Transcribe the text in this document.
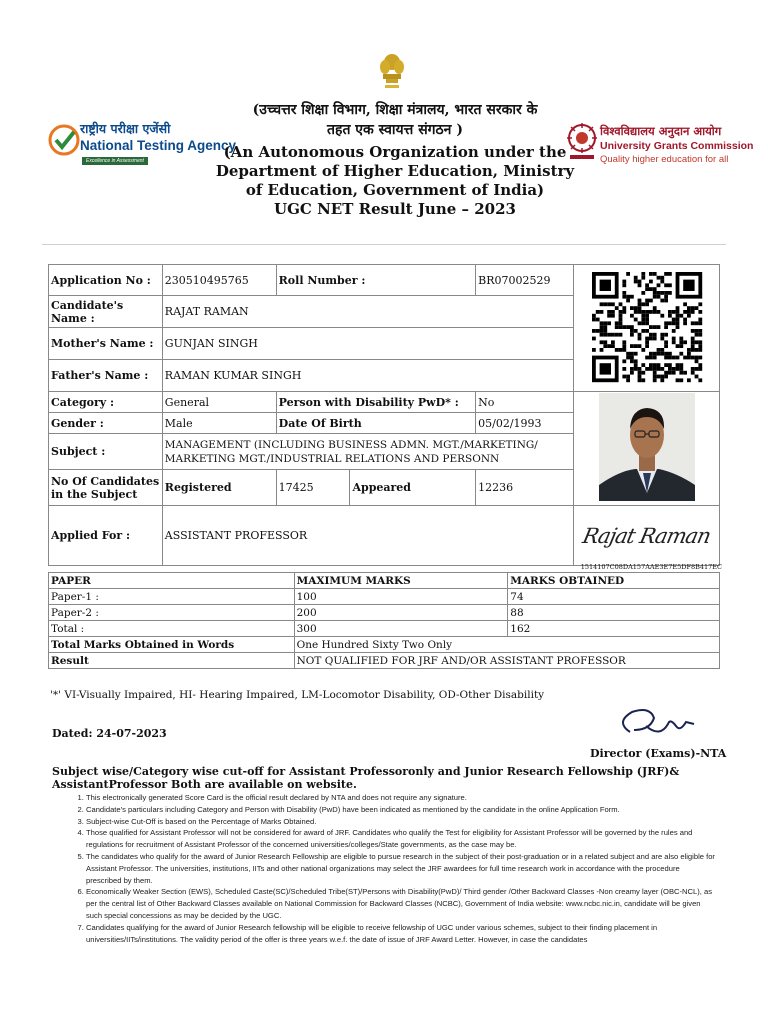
राष्ट्रीय परीक्षा एजेंसी
National Testing Agency
Excellence in Assessment
विश्वविद्यालय अनुदान आयोग
University Grants Commission
Quality higher education for all
(उच्चत्तर शिक्षा विभाग, शिक्षा मंत्रालय, भारत सरकार के
तहत एक स्वायत्त संगठन )
(An Autonomous Organization under the
Department of Higher Education, Ministry
of Education, Government of India)
UGC NET Result June – 2023
Application No :	230510495765	Roll Number :		BR07002529	
Candidate's Name :	RAJAT RAMAN				
Mother's Name :	GUNJAN SINGH				
Father's Name :	RAMAN KUMAR SINGH				
Category :	General	Person with Disability PwD* :		No	
Gender :	Male	Date Of Birth		05/02/1993	
Subject :	MANAGEMENT (INCLUDING BUSINESS ADMN. MGT./MARKETING/
MARKETING MGT./INDUSTRIAL RELATIONS AND PERSONN				

No Of Candidates
in the Subject	Registered	17425	Appeared	12236	
Applied For :	ASSISTANT PROFESSOR				Rajat Raman
1514107C08DA157AAE3E7E5DF8B417EC
PAPER	MAXIMUM MARKS	MARKS OBTAINED
Paper-1 :	100	74
Paper-2 :	200	88
Total :	300	162
Total Marks Obtained in Words	One Hundred Sixty Two Only	
Result	NOT QUALIFIED FOR JRF AND/OR ASSISTANT PROFESSOR	
'*' VI-Visually Impaired, HI- Hearing Impaired, LM-Locomotor Disability, OD-Other Disability
Dated: 24-07-2023
Director (Exams)-NTA
Subject wise/Category wise cut-off for Assistant Professoronly and Junior Research Fellowship (JRF)&
AssistantProfessor Both are available on website.
1. This electronically generated Score Card is the official result declared by NTA and does not require any signature.
2. Candidate's particulars including Category and Person with Disability (PwD) have been indicated as mentioned by the candidate in the online Application Form.
3. Subject-wise Cut-Off is based on the Percentage of Marks Obtained.
4. Those qualified for Assistant Professor will not be considered for award of JRF. Candidates who qualify the Test for eligibility for Assistant Professor will be governed by the rules and regulations for recruitment of Assistant Professor of the concerned universities/colleges/State governments, as the case may be.
5. The candidates who qualify for the award of Junior Research Fellowship are eligible to pursue research in the subject of their post-graduation or in a related subject and are also eligible for Assistant Professor. The universities, institutions, IITs and other national organizations may select the JRF awardees for full time research work in accordance with the procedure prescribed by them.
6. Economically Weaker Section (EWS), Scheduled Caste(SC)/Scheduled Tribe(ST)/Persons with Disability(PwD)/ Third gender /Other Backward Classes -Non creamy layer (OBC-NCL), as per the central list of Other Backward Classes available on National Commission for Backward Classes (NCBC), Government of India website: www.ncbc.nic.in, candidate will be given such special concessions as may be decided by the UGC.
7. Candidates qualifying for the award of Junior Research fellowship will be eligible to receive fellowship of UGC under various schemes, subject to their finding placement in universities/IITs/institutions. The validity period of the offer is three years w.e.f. the date of issue of JRF Award Letter. However, in case the candidates
